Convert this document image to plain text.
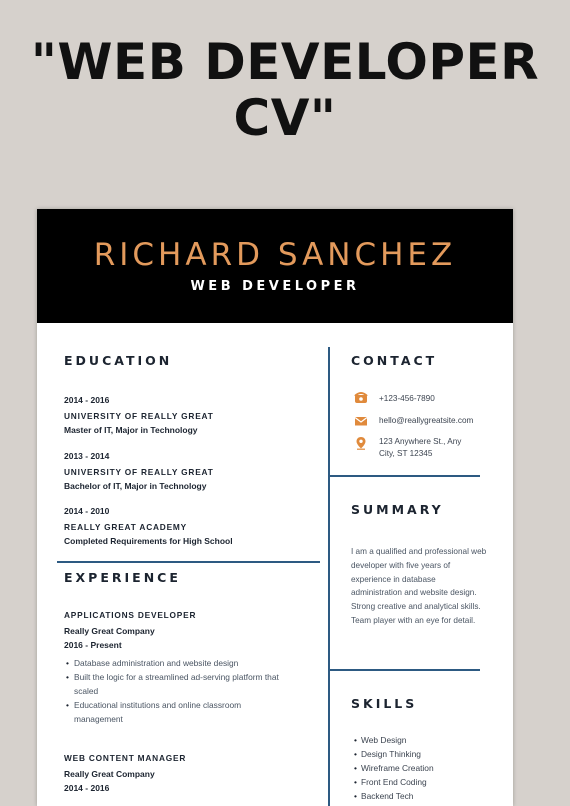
"WEB DEVELOPER
CV"
RICHARD SANCHEZ
WEB DEVELOPER
EDUCATION
2014 - 2016
UNIVERSITY OF REALLY GREAT
Master of IT, Major in Technology
2013 - 2014
UNIVERSITY OF REALLY GREAT
Bachelor of IT, Major in Technology
2014 - 2010
REALLY GREAT ACADEMY
Completed Requirements for High School
EXPERIENCE
APPLICATIONS DEVELOPER
Really Great Company
2016 - Present
• Database administration and website design
• Built the logic for a streamlined ad-serving platform that
scaled
• Educational institutions and online classroom
management
WEB CONTENT MANAGER
Really Great Company
2014 - 2016
CONTACT
+123-456-7890
hello@reallygreatsite.com
123 Anywhere St., Any
City, ST 12345
SUMMARY
I am a qualified and professional web developer with five years of experience in database administration and website design. Strong creative and analytical skills. Team player with an eye for detail.
SKILLS
• Web Design
• Design Thinking
• Wireframe Creation
• Front End Coding
• Backend Tech
